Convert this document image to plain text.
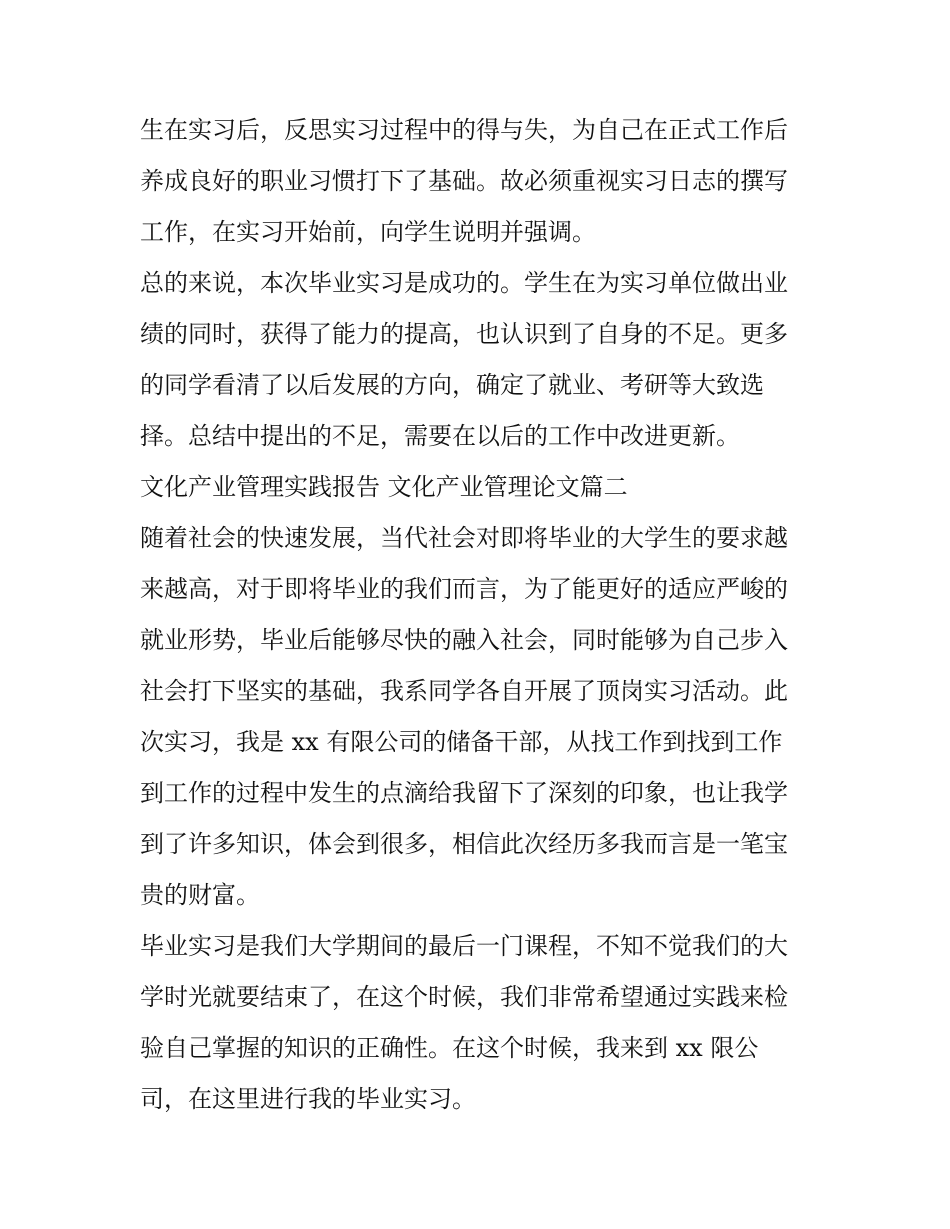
生在实习后，反思实习过程中的得与失，为自己在正式工作后
养成良好的职业习惯打下了基础。故必须重视实习日志的撰写
工作，在实习开始前，向学生说明并强调。
总的来说，本次毕业实习是成功的。学生在为实习单位做出业
绩的同时，获得了能力的提高，也认识到了自身的不足。更多
的同学看清了以后发展的方向，确定了就业、考研等大致选
择。总结中提出的不足，需要在以后的工作中改进更新。
文化产业管理实践报告 文化产业管理论文篇二
随着社会的快速发展，当代社会对即将毕业的大学生的要求越
来越高，对于即将毕业的我们而言，为了能更好的适应严峻的
就业形势，毕业后能够尽快的融入社会，同时能够为自己步入
社会打下坚实的基础，我系同学各自开展了顶岗实习活动。此
次实习，我是 xx 有限公司的储备干部，从找工作到找到工作
到工作的过程中发生的点滴给我留下了深刻的印象，也让我学
到了许多知识，体会到很多，相信此次经历多我而言是一笔宝
贵的财富。
毕业实习是我们大学期间的最后一门课程，不知不觉我们的大
学时光就要结束了，在这个时候，我们非常希望通过实践来检
验自己掌握的知识的正确性。在这个时候，我来到 xx 限公
司，在这里进行我的毕业实习。
